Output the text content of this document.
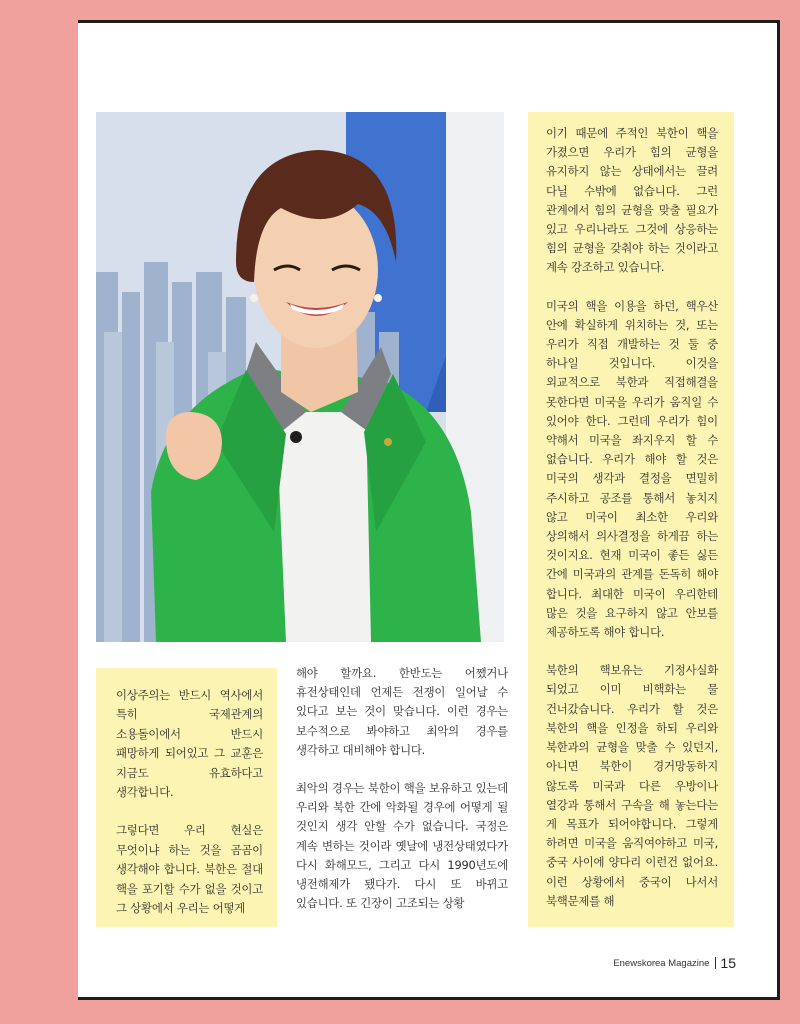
이기 때문에 주적인 북한이 핵을 가졌으면 우리가 힘의 균형을 유지하지 않는 상태에서는 끌려 다닐 수밖에 없습니다. 그런 관계에서 힘의 균형을 맞출 필요가 있고 우리나라도 그것에 상응하는 힘의 균형을 갖춰야 하는 것이라고 계속 강조하고 있습니다.

미국의 핵을 이용을 하던, 핵우산 안에 확실하게 위치하는 것, 또는 우리가 직접 개발하는 것 둘 중 하나일 것입니다. 이것을 외교적으로 북한과 직접해결을 못한다면 미국을 우리가 움직일 수 있어야 한다. 그런데 우리가 힘이 약해서 미국을 좌지우지 할 수 없습니다. 우리가 해야 할 것은 미국의 생각과 결정을 면밀히 주시하고 공조를 통해서 놓치지 않고 미국이 최소한 우리와 상의해서 의사결정을 하게끔 하는 것이지요. 현재 미국이 좋든 싫든 간에 미국과의 관계를 돈독히 해야 합니다. 최대한 미국이 우리한테 많은 것을 요구하지 않고 안보를 제공하도록 해야 합니다.

북한의 핵보유는 기정사실화 되었고 이미 비핵화는 물 건너갔습니다. 우리가 할 것은 북한의 핵을 인정을 하되 우리와 북한과의 균형을 맞출 수 있던지, 아니면 북한이 경거망동하지 않도록 미국과 다른 우방이나 열강과 통해서 구속을 해 놓는다는 게 목표가 되어야합니다. 그렇게 하려면 미국을 움직여야하고 미국, 중국 사이에 양다리 이런건 없어요. 이런 상황에서 중국이 나서서 북핵문제를 해

이상주의는 반드시 역사에서 특히 국제관계의 소용돌이에서 반드시 패망하게 되어있고 그 교훈은 지금도 유효하다고 생각합니다.

그렇다면 우리 현실은 무엇이냐 하는 것을 곰곰이 생각해야 합니다. 북한은 절대 핵을 포기할 수가 없을 것이고 그 상황에서 우리는 어떻게

해야 할까요. 한반도는 어쨌거나 휴전상태인데 언제든 전쟁이 일어날 수 있다고 보는 것이 맞습니다. 이런 경우는 보수적으로 봐야하고 최악의 경우를 생각하고 대비해야 합니다.

최악의 경우는 북한이 핵을 보유하고 있는데 우리와 북한 간에 악화될 경우에 어떻게 될 것인지 생각 안할 수가 없습니다. 국정은 계속 변하는 것이라 옛날에 냉전상태였다가 다시 화해모드, 그리고 다시 1990년도에 냉전해제가 됐다가. 다시 또 바뀌고 있습니다. 또 긴장이 고조되는 상황

Enewskorea Magazine 15
